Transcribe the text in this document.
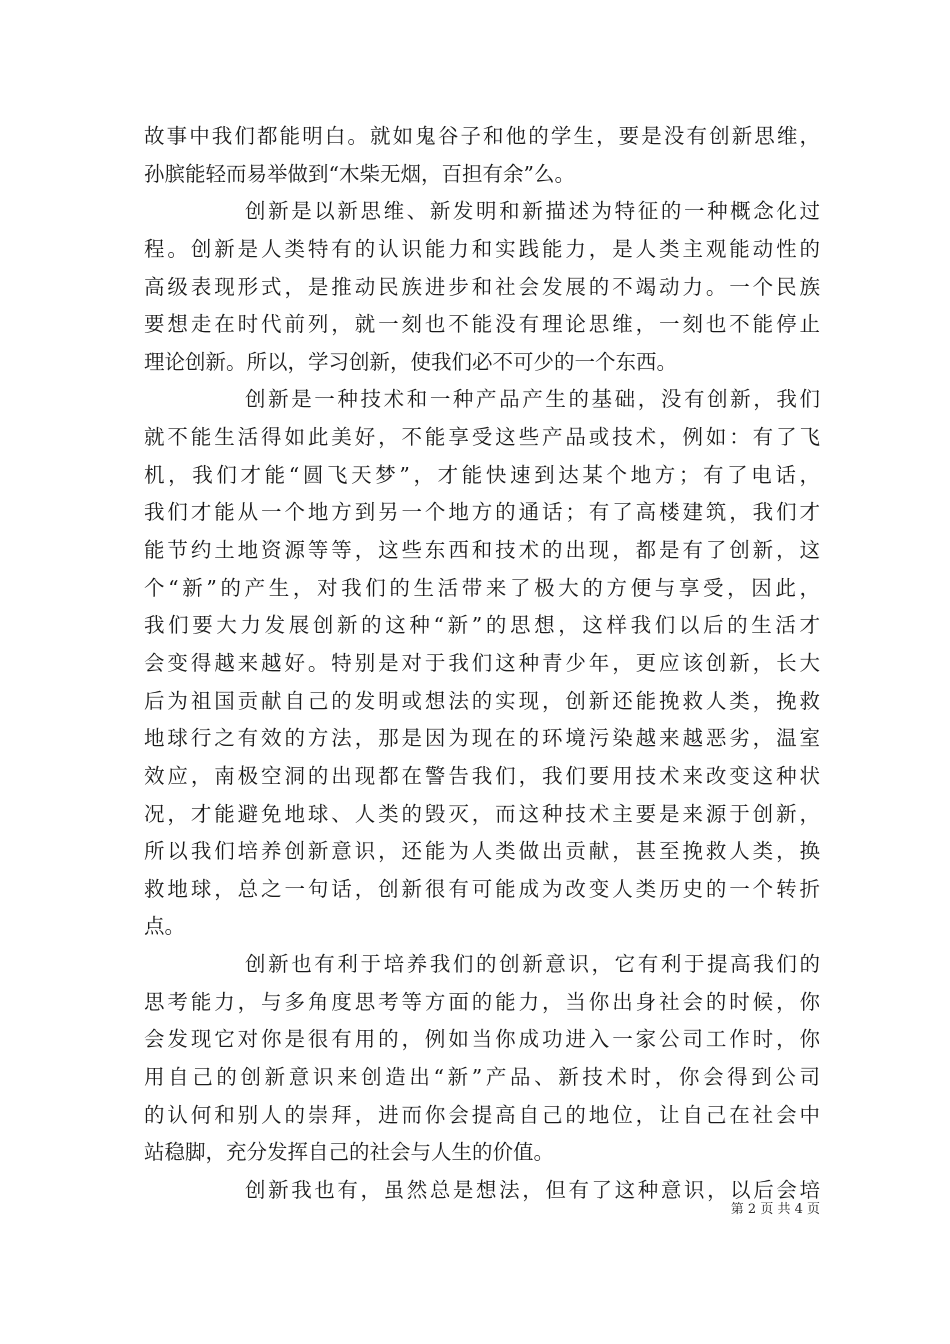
故事中我们都能明白。就如鬼谷子和他的学生，要是没有创新思维，
孙膑能轻而易举做到“木柴无烟，百担有余”么。
创新是以新思维、新发明和新描述为特征的一种概念化过
程。创新是人类特有的认识能力和实践能力，是人类主观能动性的
高级表现形式，是推动民族进步和社会发展的不竭动力。一个民族
要想走在时代前列，就一刻也不能没有理论思维，一刻也不能停止
理论创新。所以，学习创新，使我们必不可少的一个东西。
创新是一种技术和一种产品产生的基础，没有创新，我们
就不能生活得如此美好，不能享受这些产品或技术，例如：有了飞
机，我们才能“圆飞天梦”，才能快速到达某个地方；有了电话，
我们才能从一个地方到另一个地方的通话；有了高楼建筑，我们才
能节约土地资源等等，这些东西和技术的出现，都是有了创新，这
个“新”的产生，对我们的生活带来了极大的方便与享受，因此，
我们要大力发展创新的这种“新”的思想，这样我们以后的生活才
会变得越来越好。特别是对于我们这种青少年，更应该创新，长大
后为祖国贡献自己的发明或想法的实现，创新还能挽救人类，挽救
地球行之有效的方法，那是因为现在的环境污染越来越恶劣，温室
效应，南极空洞的出现都在警告我们，我们要用技术来改变这种状
况，才能避免地球、人类的毁灭，而这种技术主要是来源于创新，
所以我们培养创新意识，还能为人类做出贡献，甚至挽救人类，换
救地球，总之一句话，创新很有可能成为改变人类历史的一个转折
点。
创新也有利于培养我们的创新意识，它有利于提高我们的
思考能力，与多角度思考等方面的能力，当你出身社会的时候，你
会发现它对你是很有用的，例如当你成功进入一家公司工作时，你
用自己的创新意识来创造出“新”产品、新技术时，你会得到公司
的认何和别人的崇拜，进而你会提高自己的地位，让自己在社会中
站稳脚，充分发挥自己的社会与人生的价值。
创新我也有，虽然总是想法，但有了这种意识，以后会培
第 2 页 共 4 页
